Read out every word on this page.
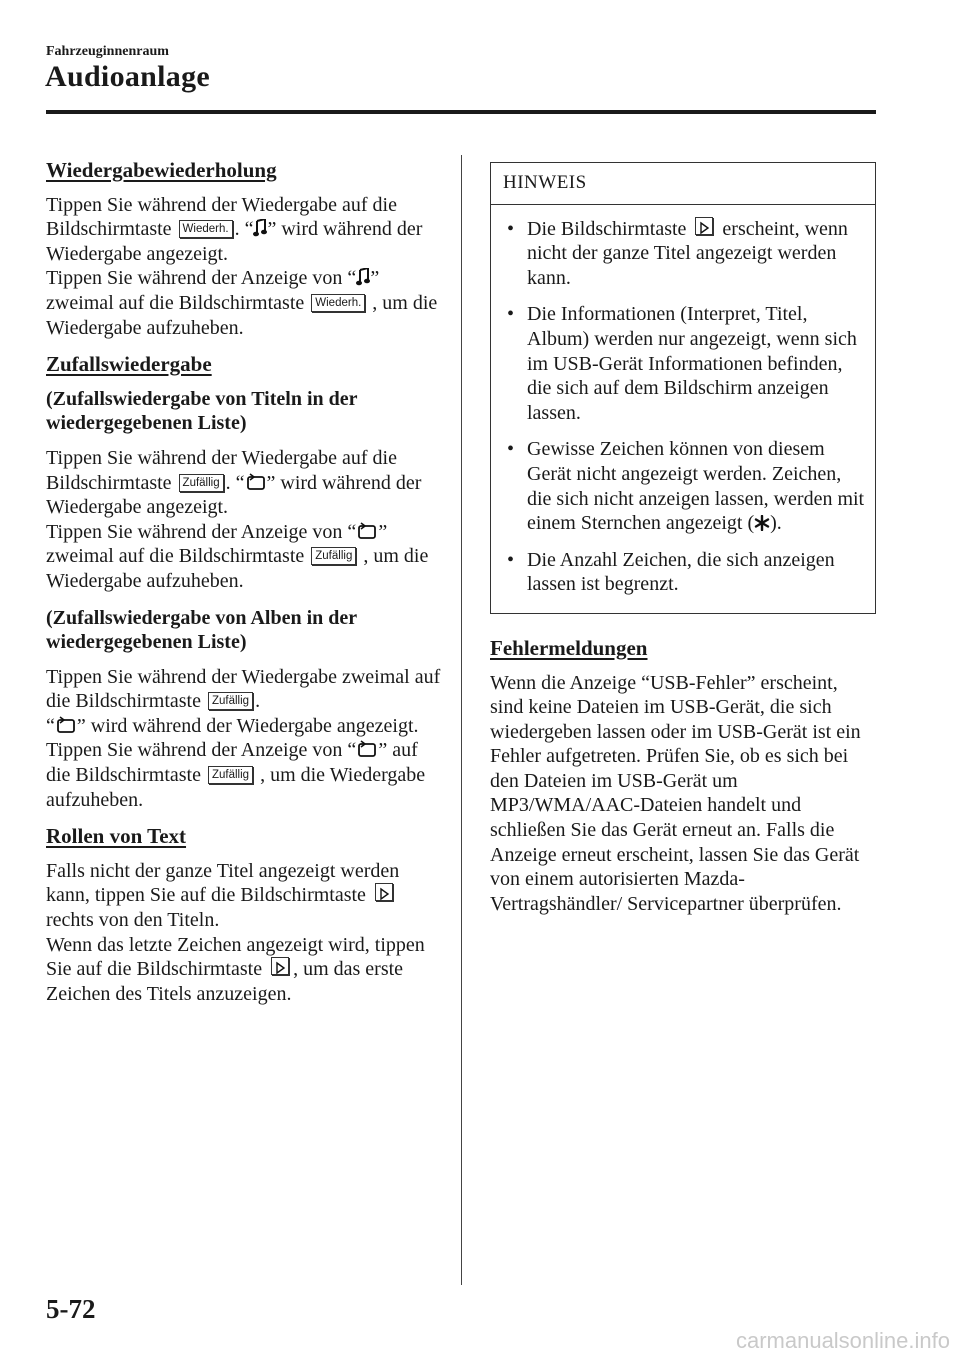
Fahrzeuginnenraum
Audioanlage
Wiedergabewiederholung

Tippen Sie während der Wiedergabe auf die Bildschirmtaste Wiederh. . “ ” wird während der Wiedergabe angezeigt.
Tippen Sie während der Anzeige von “ ” zweimal auf die Bildschirmtaste Wiederh. , um die Wiedergabe aufzuheben.

Zufallswiedergabe
(Zufallswiedergabe von Titeln in der wiedergegebenen Liste)

Tippen Sie während der Wiedergabe auf die Bildschirmtaste Zufällig . “ ” wird während der Wiedergabe angezeigt.
Tippen Sie während der Anzeige von “ ” zweimal auf die Bildschirmtaste Zufällig , um die Wiedergabe aufzuheben.

(Zufallswiedergabe von Alben in der wiedergegebenen Liste)

Tippen Sie während der Wiedergabe zweimal auf die Bildschirmtaste Zufällig .
“ ” wird während der Wiedergabe angezeigt.
Tippen Sie während der Anzeige von “ ” auf die Bildschirmtaste Zufällig , um die Wiedergabe aufzuheben.

Rollen von Text

Falls nicht der ganze Titel angezeigt werden kann, tippen Sie auf die Bildschirmtaste  rechts von den Titeln.
Wenn das letzte Zeichen angezeigt wird, tippen Sie auf die Bildschirmtaste , um das erste Zeichen des Titels anzuzeigen.

HINWEIS
• Die Bildschirmtaste erscheint, wenn nicht der ganze Titel angezeigt werden kann.
• Die Informationen (Interpret, Titel, Album) werden nur angezeigt, wenn sich im USB-Gerät Informationen befinden, die sich auf dem Bildschirm anzeigen lassen.
• Gewisse Zeichen können von diesem Gerät nicht angezeigt werden. Zeichen, die sich nicht anzeigen lassen, werden mit einem Sternchen angezeigt ( ).
• Die Anzahl Zeichen, die sich anzeigen lassen ist begrenzt.
Fehlermeldungen

Wenn die Anzeige “USB-Fehler” erscheint, sind keine Dateien im USB-Gerät, die sich wiedergeben lassen oder im USB-Gerät ist ein Fehler aufgetreten. Prüfen Sie, ob es sich bei den Dateien im USB-Gerät um MP3/WMA/AAC-Dateien handelt und schließen Sie das Gerät erneut an. Falls die Anzeige erneut erscheint, lassen Sie das Gerät von einem autorisierten Mazda-Vertragshändler/ Servicepartner überprüfen.

5-72
carmanualsonline.info
